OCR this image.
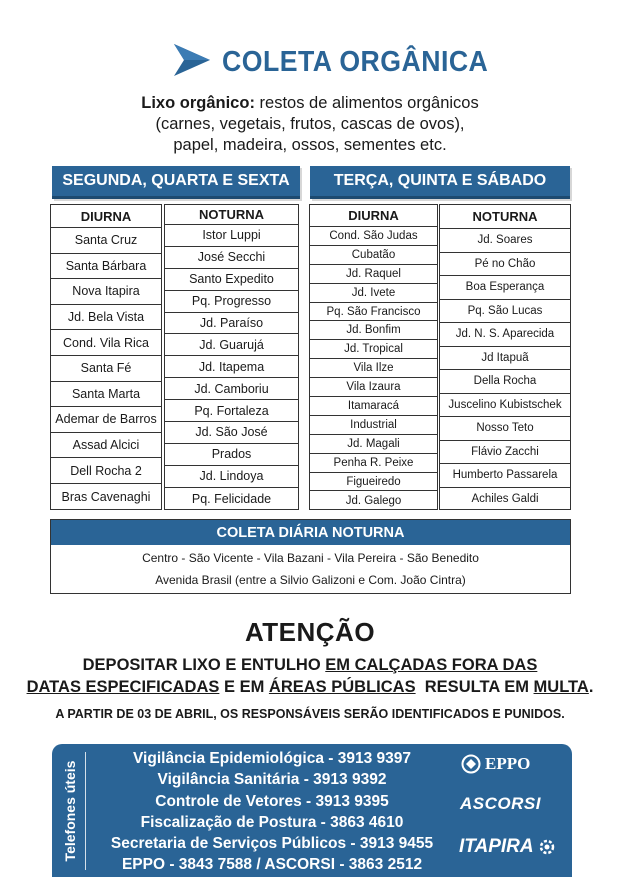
COLETA ORGÂNICA
Lixo orgânico: restos de alimentos orgânicos
(carnes, vegetais, frutos, cascas de ovos),
papel, madeira, ossos, sementes etc.
SEGUNDA, QUARTA E SEXTA	TERÇA, QUINTA E SÁBADO
DIURNA
Santa Cruz
Santa Bárbara
Nova Itapira
Jd. Bela Vista
Cond. Vila Rica
Santa Fé
Santa Marta
Ademar de Barros
Assad Alcici
Dell Rocha 2
Bras Cavenaghi
NOTURNA
Istor Luppi
José Secchi
Santo Expedito
Pq. Progresso
Jd. Paraíso
Jd. Guarujá
Jd. Itapema
Jd. Camboriu
Pq. Fortaleza
Jd. São José
Prados
Jd. Lindoya
Pq. Felicidade
DIURNA
Cond. São Judas
Cubatão
Jd. Raquel
Jd. Ivete
Pq. São Francisco
Jd. Bonfim
Jd. Tropical
Vila Ilze
Vila Izaura
Itamaracá
Industrial
Jd. Magali
Penha R. Peixe
Figueiredo
Jd. Galego
NOTURNA
Jd. Soares
Pé no Chão
Boa Esperança
Pq. São Lucas
Jd. N. S. Aparecida
Jd Itapuã
Della Rocha
Juscelino Kubistschek
Nosso Teto
Flávio Zacchi
Humberto Passarela
Achiles Galdi
COLETA DIÁRIA NOTURNA
Centro - São Vicente - Vila Bazani - Vila Pereira - São Benedito
Avenida Brasil (entre a Silvio Galizoni e Com. João Cintra)
ATENÇÃO
DEPOSITAR LIXO E ENTULHO EM CALÇADAS FORA DAS
DATAS ESPECIFICADAS E EM ÁREAS PÚBLICAS  RESULTA EM MULTA.
A PARTIR DE 03 DE ABRIL, OS RESPONSÁVEIS SERÃO IDENTIFICADOS E PUNIDOS.
Telefones úteis
Vigilância Epidemiológica - 3913 9397
Vigilância Sanitária - 3913 9392
Controle de Vetores - 3913 9395
Fiscalização de Postura - 3863 4610
Secretaria de Serviços Públicos - 3913 9455
EPPO - 3843 7588 / ASCORSI - 3863 2512
EPPO
ASCORSI
ITAPIRA
